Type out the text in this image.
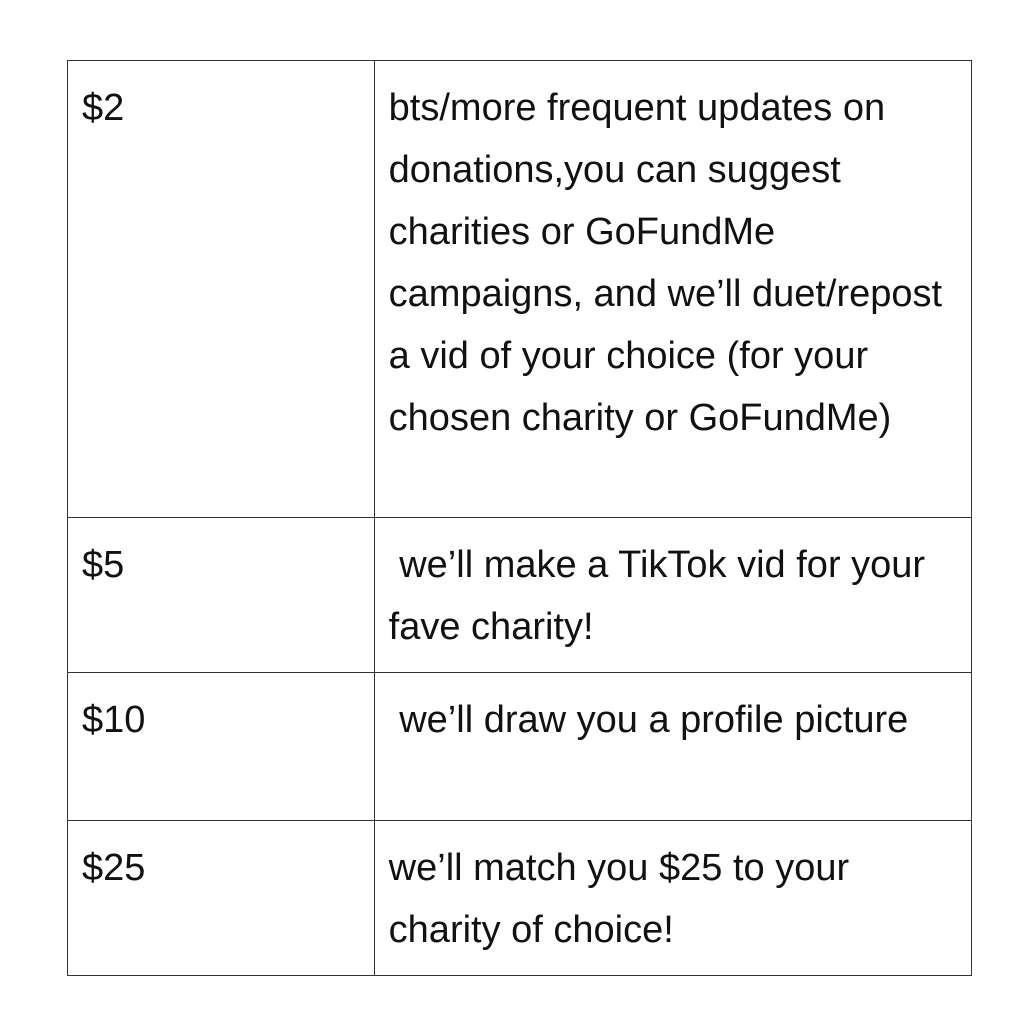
$2	bts/more frequent updates on donations,you can suggest charities or GoFundMe campaigns, and we’ll duet/repost a vid of your choice (for your chosen charity or GoFundMe)
$5	we’ll make a TikTok vid for your fave charity!
$10	we’ll draw you a profile picture
$25	we’ll match you $25 to your charity of choice!
